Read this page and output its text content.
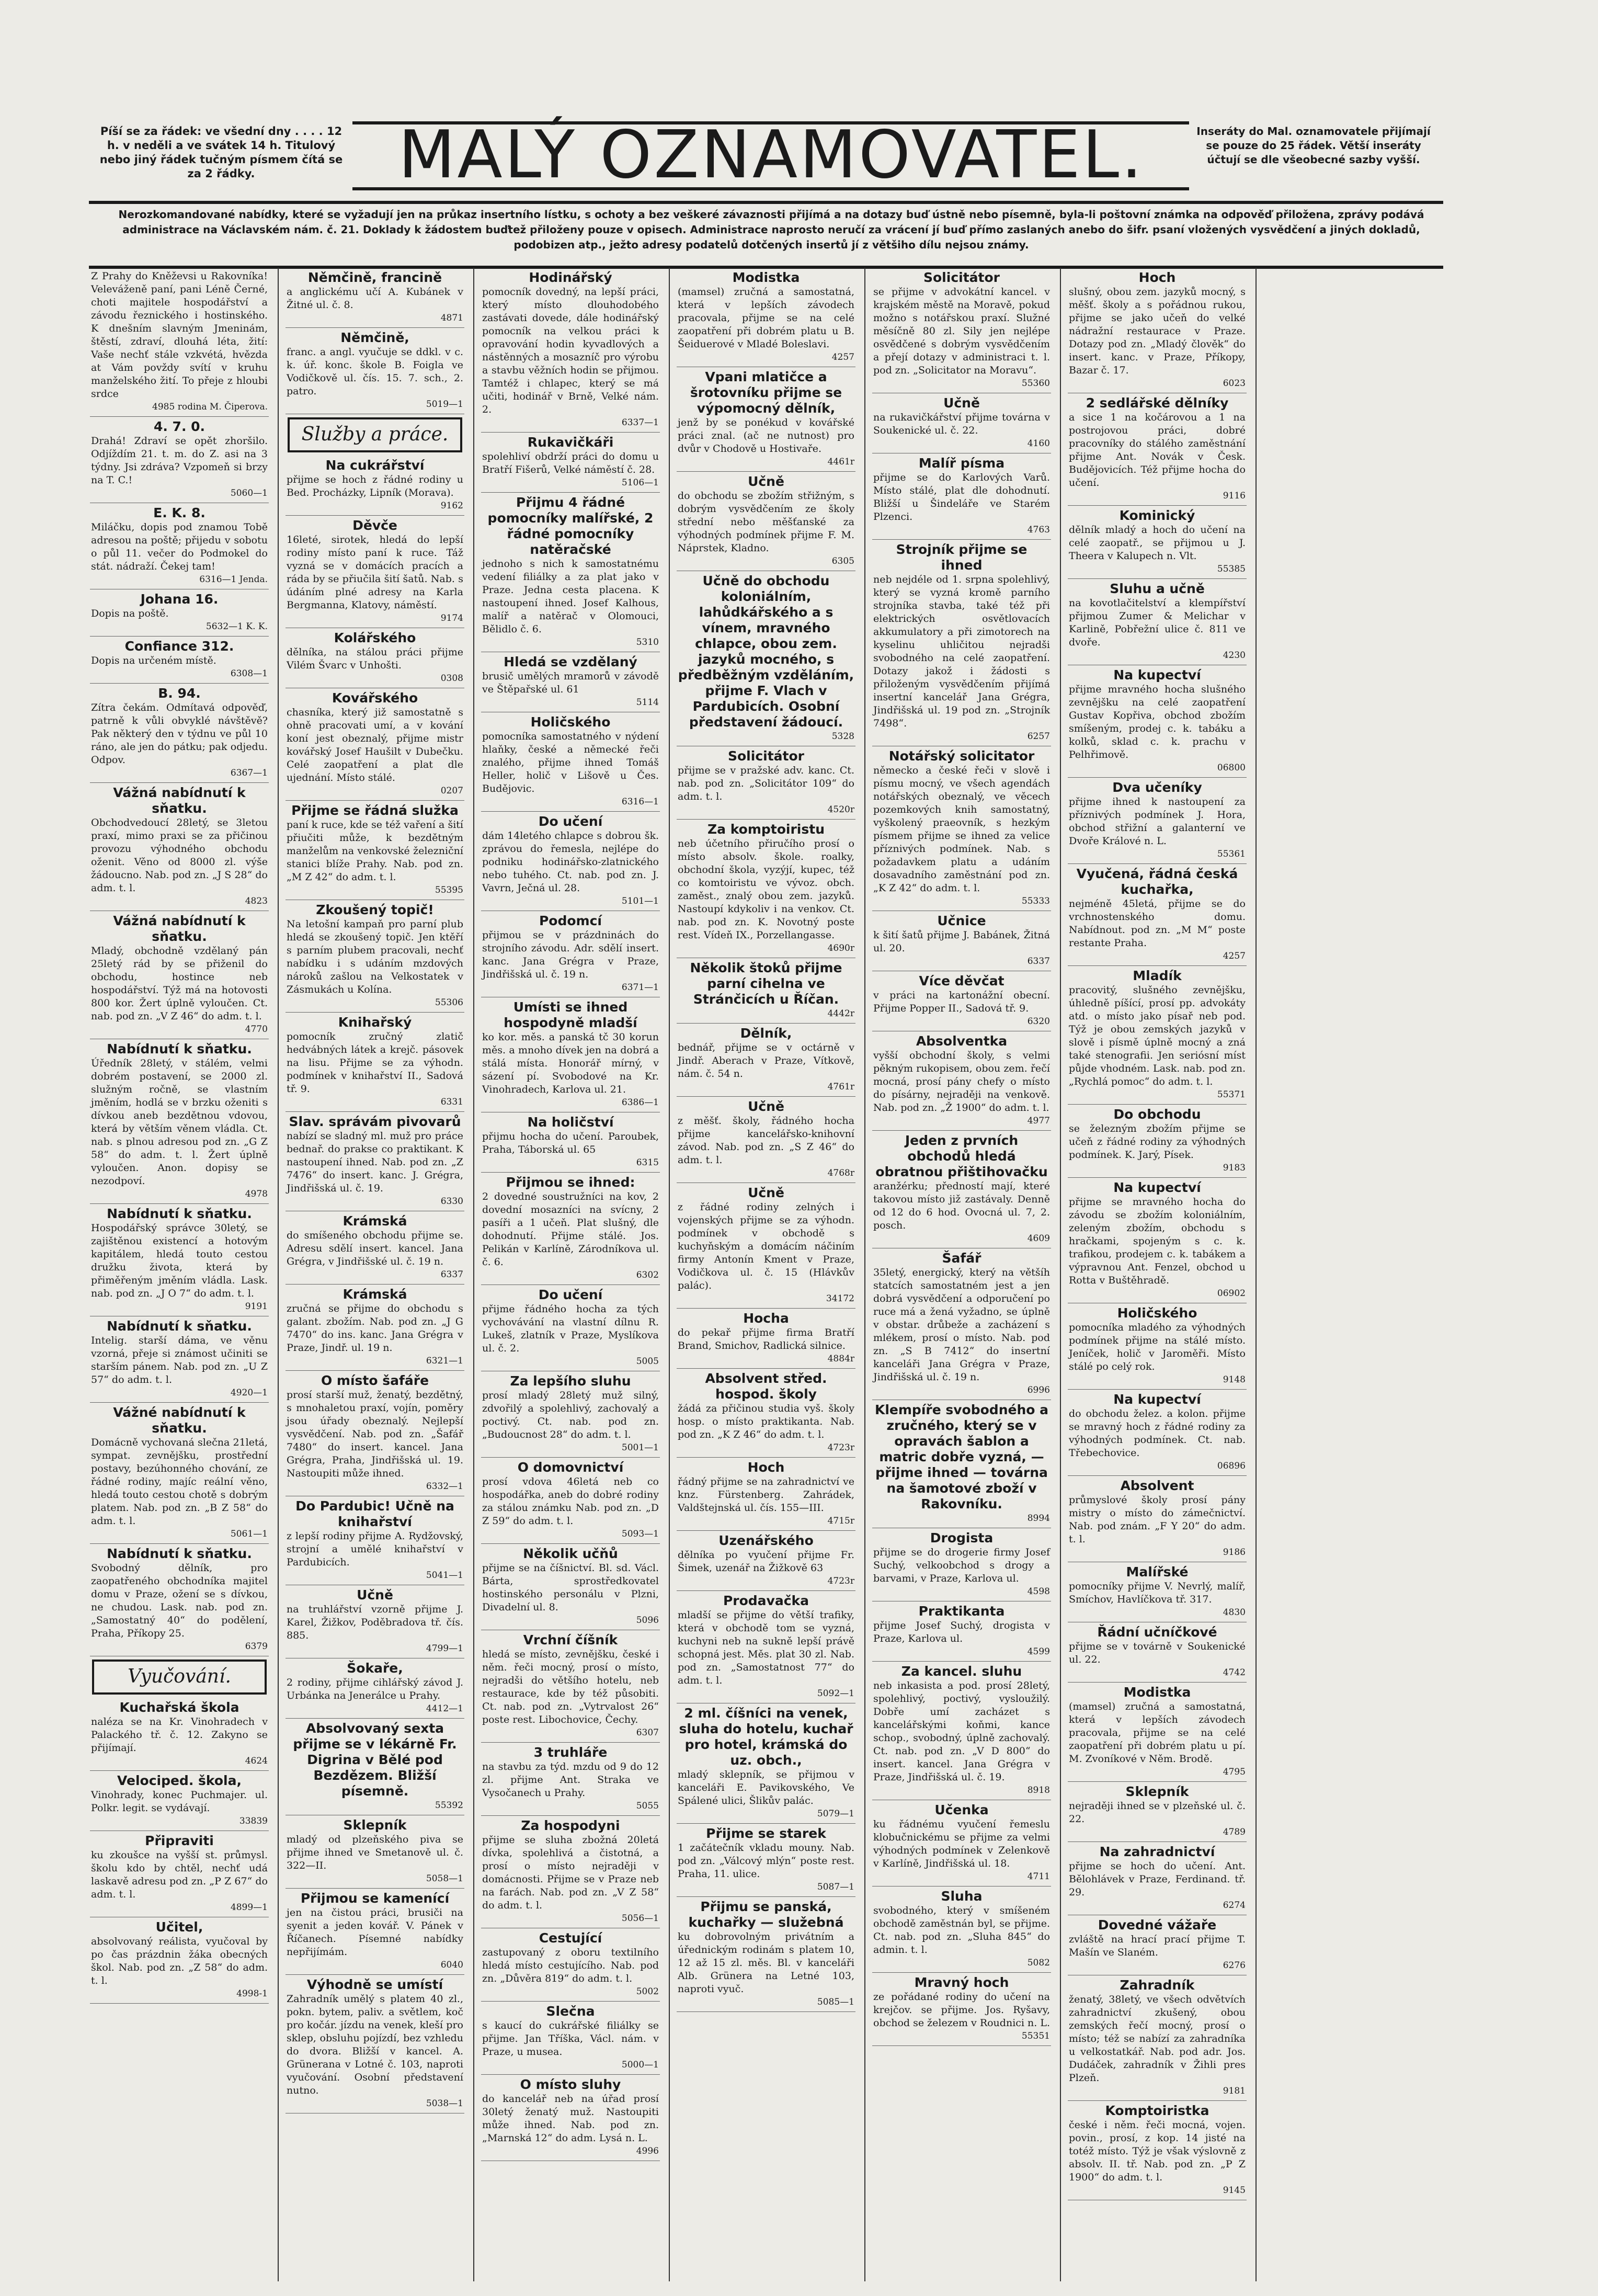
Píší se za řádek: ve všední dny . . . . 12 h. v neděli a ve svátek 14 h. Titulový nebo jiný řádek tučným písmem čítá se za 2 řádky.	MALÝ OZNAMOVATEL.	Inseráty do Mal. oznamovatele přijímají se pouze do 25 řádek. Větší inseráty účtují se dle všeobecné sazby vyšší.
Nerozkomandované nabídky, které se vyžadují jen na průkaz insertního lístku, s ochoty a bez veškeré závaznosti přijímá a na dotazy buď ústně nebo písemně, byla-li poštovní známka na odpověď přiložena, zprávy podává administrace na Václavském nám. č. 21. Doklady k žádostem buďtež přiloženy pouze v opisech. Administrace naprosto neručí za vrácení jí buď přímo zaslaných anebo do šifr. psaní vložených vysvědčení a jiných dokladů, podobizen atp., ježto adresy podatelů dotčených insertů jí z většiho dílu nejsou známy.
Z Prahy do Kněževsi u Rakovníka! Veleváženě paní, pani Léně Černé, choti majitele hospodářství a závodu řeznického i hostinského. K dnešním slavným Jmeninám, štěstí, zdraví, dlouhá léta, žití: Vaše nechť stále vzkvétá, hvězda at Vám povždy svítí v kruhu manželského žití. To přeje z hloubi srdce
4985 rodina M. Čiperova.
4. 7. 0.
Drahá! Zdraví se opět zhoršilo. Odjíždím 21. t. m. do Z. asi na 3 týdny. Jsi zdráva? Vzpomeň si brzy na T. C.!
5060—1
E. K. 8.
Miláčku, dopis pod znamou Tobě adresou na poště; přijedu v sobotu o půl 11. večer do Podmokel do stát. nádraží. Čekej tam!
6316—1 Jenda.
Johana 16.
Dopis na poště.
5632—1 K. K.
Confiance 312.
Dopis na určeném místě.
6308—1
B. 94.
Zítra čekám. Odmítavá odpověď, patrně k vůli obvyklé návštěvě? Pak některý den v týdnu ve půl 10 ráno, ale jen do pátku; pak odjedu. Odpov.
6367—1
Vážná nabídnutí k sňatku.
Obchodvedoucí 28letý, se 3letou praxí, mimo praxi se za přičinou provozu výhodného obchodu oženit. Věno od 8000 zl. výše žádoucno. Nab. pod zn. „J S 28“ do adm. t. l.
4823
Vážná nabídnutí k sňatku.
Mladý, obchodně vzdělaný pán 25letý rád by se přiženil do obchodu, hostince neb hospodářství. Týž má na hotovosti 800 kor. Žert úplně vyloučen. Ct. nab. pod zn. „V Z 46“ do adm. t. l.
4770
Nabídnutí k sňatku.
Úředník 28letý, v stálém, velmi dobrém postavení, se 2000 zl. služným ročně, se vlastním jměním, hodlá se v brzku oženiti s dívkou aneb bezdětnou vdovou, která by větším věnem vládla. Ct. nab. s plnou adresou pod zn. „G Z 58“ do adm. t. l. Žert úplně vyloučen. Anon. dopisy se nezodpoví.
4978
Nabídnutí k sňatku.
Hospodářský správce 30letý, se zajištěnou existencí a hotovým kapitálem, hledá touto cestou družku života, která by přiměřeným jměním vládla. Lask. nab. pod zn. „J O 7“ do adm. t. l.
9191
Nabídnutí k sňatku.
Intelig. starší dáma, ve věnu vzorná, přeje si známost učiniti se starším pánem. Nab. pod zn. „U Z 57“ do adm. t. l.
4920—1
Vážné nabídnutí k sňatku.
Domácně vychovaná slečna 21letá, sympat. zevnějšku, prostřední postavy, bezúhonného chování, ze řádné rodiny, majíc reální věno, hledá touto cestou chotě s dobrým platem. Nab. pod zn. „B Z 58“ do adm. t. l.
5061—1
Nabídnutí k sňatku.
Svobodný dělník, pro zaopatřeného obchodníka majitel domu v Praze, ožení se s dívkou, ne chudou. Lask. nab. pod zn. „Samostatný 40“ do podělení, Praha, Příkopy 25.
6379
Vyučování.
Kuchařská škola
naléza se na Kr. Vinohradech v Palackého tř. č. 12. Zakyno se přijímají.
4624
Velociped. škola,
Vinohrady, konec Puchmajer. ul. Polkr. legit. se vydávají.
33839
Připraviti
ku zkoušce na vyšší st. průmysl. školu kdo by chtěl, nechť udá laskavě adresu pod zn. „P Z 67“ do adm. t. l.
4899—1
Učitel,
absolvovaný reálista, vyučoval by po čas prázdnin žáka obecných škol. Nab. pod zn. „Z 58“ do adm. t. l.
4998-1
Němčině, francině
a anglickému učí A. Kubánek v Žitné ul. č. 8.
4871
Němčině,
franc. a angl. vyučuje se ddkl. v c. k. úř. konc. škole B. Foigla ve Vodičkově ul. čís. 15. 7. sch., 2. patro.
5019—1
Služby a práce.
Na cukrářství
přijme se hoch z řádné rodiny u Bed. Procházky, Lipník (Morava).
9162
Děvče
16leté, sirotek, hledá do lepší rodiny místo paní k ruce. Táž vyzná se v domácích pracích a ráda by se přiučila šití šatů. Nab. s údáním plné adresy na Karla Bergmanna, Klatovy, náměstí.
9174
Kolářského
dělníka, na stálou práci přijme Vilém Švarc v Unhošti.
0308
Kovářského
chasníka, který již samostatně s ohně pracovati umí, a v kování koní jest obeznalý, přijme mistr kovářský Josef Haušilt v Dubečku. Celé zaopatření a plat dle ujednání. Místo stálé.
0207
Přijme se řádná služka
paní k ruce, kde se též vaření a šití přiučiti může, k bezdětným manželům na venkovské železniční stanici blíže Prahy. Nab. pod zn. „M Z 42“ do adm. t. l.
55395
Zkoušený topič!
Na letošní kampaň pro parní plub hledá se zkoušený topič. Jen ktěří s parním plubem pracovali, nechť nabídku i s udáním mzdových nároků zašlou na Velkostatek v Zásmukách u Kolína.
55306
Knihařský
pomocník zručný zlatič hedvábných látek a krejč. pásovek na lisu. Přijme se za výhodn. podmínek v knihařství II., Sadová tř. 9.
6331
Slav. správám pivovarů
nabízí se sladný ml. muž pro práce bednař. do prakse co praktikant. K nastoupení ihned. Nab. pod zn. „Z 7476“ do insert. kanc. J. Grégra, Jindřišská ul. č. 19.
6330
Krámská
do smíšeného obchodu přijme se. Adresu sdělí insert. kancel. Jana Grégra, v Jindřišské ul. č. 19 n.
6337
Krámská
zručná se přijme do obchodu s galant. zbožím. Nab. pod zn. „J G 7470“ do ins. kanc. Jana Grégra v Praze, Jindř. ul. 19 n.
6321—1
O místo šafáře
prosí starší muž, ženatý, bezdětný, s mnohaletou praxí, vojín, poměry jsou úřady obeznalý. Nejlepší vysvědčení. Nab. pod zn. „Šafář 7480“ do insert. kancel. Jana Grégra, Praha, Jindřišská ul. 19. Nastoupiti může ihned.
6332—1
Do Pardubic! Učně na knihařství
z lepší rodiny přijme A. Rydžovský, strojní a umělé knihařství v Pardubicích.
5041—1
Učně
na truhlářství vzorně přijme J. Karel, Žižkov, Poděbradova tř. čís. 885.
4799—1
Šokaře,
2 rodiny, přijme cihlářský závod J. Urbánka na Jenerálce u Prahy.
4412—1
Absolvovaný sexta přijme se v lékárně Fr. Digrina v Bělé pod Bezdězem. Bližší písemně.
55392
Sklepník
mladý od plzeňského piva se přijme ihned ve Smetanově ul. č. 322—II.
5058—1
Přijmou se kamenící
jen na čistou práci, brusiči na syenit a jeden kovář. V. Pánek v Říčanech. Písemné nabídky nepřijímám.
6040
Výhodně se umístí
Zahradník umělý s platem 40 zl., pokn. bytem, paliv. a světlem, koč pro kočár. jízdu na venek, kleší pro sklep, obsluhu pojízdí, bez vzhledu do dvora. Bližší v kancel. A. Grünerana v Lotné č. 103, naproti vyučování. Osobní představení nutno.
5038—1
Hodinářský
pomocník dovedný, na lepší práci, který místo dlouhodobého zastávati dovede, dále hodinářský pomocník na velkou práci k opravování hodin kyvadlových a nástěnných a mosazníč pro výrobu a stavbu věžních hodin se přijmou. Tamtéž i chlapec, který se má učiti, hodinář v Brně, Velké nám. 2.
6337—1
Rukavičkáři
spolehliví obdrží práci do domu u Bratří Fišerů, Velké náměstí č. 28.
5106—1
Přijmu 4 řádné pomocníky malířské, 2 řádné pomocníky natěračské
jednoho s nich k samostatnému vedení filiálky a za plat jako v Praze. Jedna cesta placena. K nastoupení ihned. Josef Kalhous, malíř a natěrač v Olomouci, Bělidlo č. 6.
5310
Hledá se vzdělaný
brusič umělých mramorů v závodě ve Štěpařské ul. 61
5114
Holičského
pomocníka samostatného v nýdení hlaňky, české a německé řeči znalého, přijme ihned Tomáš Heller, holič v Lišově u Čes. Budějovic.
6316—1
Do učení
dám 14letého chlapce s dobrou šk. zprávou do řemesla, nejlépe do podniku hodinářsko-zlatnického nebo tuhého. Ct. nab. pod zn. J. Vavrn, Ječná ul. 28.
5101—1
Podomcí
přijmou se v prázdninách do strojního závodu. Adr. sdělí insert. kanc. Jana Grégra v Praze, Jindřišská ul. č. 19 n.
6371—1
Umísti se ihned hospodyně mladší
ko kor. měs. a panská tč 30 korun měs. a mnoho dívek jen na dobrá a stálá místa. Honorář mírný, v sázení pí. Svobodové na Kr. Vinohradech, Karlova ul. 21.
6386—1
Na holičství
přijmu hocha do učení. Paroubek, Praha, Táborská ul. 65
6315
Přijmou se ihned:
2 dovedné soustružníci na kov, 2 dovední mosazníci na svícny, 2 pasíři a 1 učeň. Plat slušný, dle dohodnutí. Přijme stálé. Jos. Pelikán v Karlíně, Zárodníkova ul. č. 6.
6302
Do učení
přijme řádného hocha za tých vychovávání na vlastní dílnu R. Lukeš, zlatník v Praze, Myslíkova ul. č. 2.
5005
Za lepšího sluhu
prosí mladý 28letý muž silný, zdvořilý a spolehlivý, zachovalý a poctivý. Ct. nab. pod zn. „Budoucnost 28“ do adm. t. l.
5001—1
O domovnictví
prosí vdova 46letá neb co hospodářka, aneb do dobré rodiny za stálou známku Nab. pod zn. „D Z 59“ do adm. t. l.
5093—1
Několik učňů
přijme se na číšnictví. Bl. sd. Václ. Bárta, sprostředkovatel hostinského personálu v Plzni, Divadelní ul. 8.
5096
Vrchní číšník
hledá se místo, zevnějšku, české i něm. řeči mocný, prosí o místo, nejradši do většího hotelu, neb restaurace, kde by též působiti. Ct. nab. pod zn. „Vytrvalost 26“ poste rest. Libochovice, Čechy.
6307
3 truhláře
na stavbu za týd. mzdu od 9 do 12 zl. přijme Ant. Straka ve Vysočanech u Prahy.
5055
Za hospodyni
přijme se sluha zbožná 20letá dívka, spolehlivá a čistotná, a prosí o místo nejraději v domácnosti. Přijme se v Praze neb na farách. Nab. pod zn. „V Z 58“ do adm. t. l.
5056—1
Cestující
zastupovaný z oboru textilního hledá místo cestujícího. Nab. pod zn. „Důvěra 819“ do adm. t. l.
5002
Slečna
s kaucí do cukrářské filiálky se přijme. Jan Tříška, Václ. nám. v Praze, u musea.
5000—1
O místo sluhy
do kancelář neb na úřad prosí 30letý ženatý muž. Nastoupiti může ihned. Nab. pod zn. „Marnská 12“ do adm. Lysá n. L.
4996
Modistka
(mamsel) zručná a samostatná, která v lepších závodech pracovala, přijme se na celé zaopatření při dobrém platu u B. Šeiduerové v Mladé Boleslavi.
4257
Vpani mlatičce a šrotovníku přijme se výpomocný dělník,
jenž by se ponékud v kovářské práci znal. (ač ne nutnost) pro dvůr v Chodově u Hostivaře.
4461r
Učně
do obchodu se zbožím střižným, s dobrým vysvědčením ze školy střední nebo měšťanské za výhodných podmínek přijme F. M. Náprstek, Kladno.
6305
Učně do obchodu koloniálním, lahůdkářského a s vínem, mravného chlapce, obou zem. jazyků mocného, s předběžným vzděláním, přijme F. Vlach v Pardubicích. Osobní představení žádoucí.
5328
Solicitátor
přijme se v pražské adv. kanc. Ct. nab. pod zn. „Solicitátor 109“ do adm. t. l.
4520r
Za komptoiristu
neb účetního přiručího prosí o místo absolv. škole. roalky, obchodní škola, vyzýjí, kupec, též co komtoiristu ve vývoz. obch. zaměst., znalý obou zem. jazyků. Nastoupí kdykoliv i na venkov. Ct. nab. pod zn. K. Novotný poste rest. Vídeň IX., Porzellangasse.
4690r
Několik štoků přijme parní cihelna ve Stránčicích u Říčan.
4442r
Dělník,
bednář, přijme se v octárně v Jindř. Aberach v Praze, Vítkově, nám. č. 54 n.
4761r
Učně
z měšť. školy, řádného hocha přijme kancelářsko-knihovní závod. Nab. pod zn. „S Z 46“ do adm. t. l.
4768r
Učně
z řádné rodiny zelných i vojenských přijme se za výhodn. podmínek v obchodě s kuchyňským a domácím náčiním firmy Antonín Kment v Praze, Vodičkova ul. č. 15 (Hlávkův palác).
34172
Hocha
do pekař přijme firma Bratří Brand, Smichov, Radlická silnice.
4884r
Absolvent střed. hospod. školy
žádá za přičinou studia vyš. školy hosp. o místo praktikanta. Nab. pod zn. „K Z 46“ do adm. t. l.
4723r
Hoch
řádný přijme se na zahradnictví ve knz. Fürstenberg. Zahrádek, Valdštejnská ul. čís. 155—III.
4715r
Uzenářského
dělníka po vyučení přijme Fr. Šimek, uzenář na Žižkově 63
4723r
Prodavačka
mladší se přijme do větší trafiky, která v obchodě tom se vyzná, kuchyni neb na sukně lepší právě schopná jest. Měs. plat 30 zl. Nab. pod zn. „Samostatnost 77“ do adm. t. l.
5092—1
2 ml. číšníci na venek, sluha do hotelu, kuchař pro hotel, krámská do uz. obch.,
mladý sklepník, se přijmou v kanceláři E. Pavikovského, Ve Spálené ulici, Šlikův palác.
5079—1
Přijme se starek
1 začátečník vkladu mouny. Nab. pod zn. „Válcový mlýn“ poste rest. Praha, 11. ulice.
5087—1
Přijmu se panská, kuchařky — služebná
ku dobrovolným privátním a úřednickým rodinám s platem 10, 12 až 15 zl. měs. Bl. v kanceláři Alb. Grünera na Letné 103, naproti vyuč.
5085—1
Solicitátor
se přijme v advokátní kancel. v krajském městě na Moravě, pokud možno s notářskou praxí. Služné měsíčně 80 zl. Sily jen nejlépe osvědčené s dobrým vysvědčením a přejí dotazy v administraci t. l. pod zn. „Solicitator na Moravu“.
55360
Učně
na rukavičkářství přijme továrna v Soukenické ul. č. 22.
4160
Malíř písma
přijme se do Karlových Varů. Místo stálé, plat dle dohodnutí. Bližší u Šindeláře ve Starém Plzenci.
4763
Strojník přijme se ihned
neb nejdéle od 1. srpna spolehlivý, který se vyzná kromě parního strojníka stavba, také též při elektrických osvětlovacích akkumulatory a při zimotorech na kyselinu uhličitou nejradši svobodného na celé zaopatření. Dotazy jakož i žádosti s přiloženým vysvědčením přijímá insertní kancelář Jana Grégra, Jindřišská ul. 19 pod zn. „Strojník 7498“.
6257
Notářský solicitator
německo a české řeči v slově i písmu mocný, ve všech agendách notářských obeznalý, ve věcech pozemkových knih samostatný, vyškolený praeovník, s hezkým písmem přijme se ihned za velice příznivých podmínek. Nab. s požadavkem platu a udáním dosavadního zaměstnání pod zn. „K Z 42“ do adm. t. l.
55333
Učnice
k šití šatů přijme J. Babánek, Žitná ul. 20.
6337
Více děvčat
v práci na kartonážní obecní. Přijme Popper II., Sadová tř. 9.
6320
Absolventka
vyšší obchodní školy, s velmi pěkným rukopisem, obou zem. řečí mocná, prosí pány chefy o místo do písárny, nejraději na venkově. Nab. pod zn. „Ž 1900“ do adm. t. l.
4977
Jeden z prvních obchodů hledá obratnou přištihovačku
aranžérku; předností mají, které takovou místo již zastávaly. Denně od 12 do 6 hod. Ovocná ul. 7, 2. posch.
4609
Šafář
35letý, energický, který na většíh statcích samostatném jest a jen dobrá vysvědčení a odporučení po ruce má a žená vyžadno, se úplně v obstar. drůbeže a zacházení s mlékem, prosí o místo. Nab. pod zn. „S B 7412“ do insertní kanceláři Jana Grégra v Praze, Jindřišská ul. č. 19 n.
6996
Klempíře svobodného a zručného, který se v opravách šablon a matric dobře vyzná, — přijme ihned — továrna na šamotové zboží v Rakovníku.
8994
Drogista
přijme se do drogerie firmy Josef Suchý, velkoobchod s drogy a barvami, v Praze, Karlova ul.
4598
Praktikanta
přijme Josef Suchý, drogista v Praze, Karlova ul.
4599
Za kancel. sluhu
neb inkasista a pod. prosí 28letý, spolehlivý, poctivý, vysloužilý. Dobře umí zacházet s kancelářskými koňmi, kance schop., svobodný, úplně zachovalý. Ct. nab. pod zn. „V D 800“ do insert. kancel. Jana Grégra v Praze, Jindřišská ul. č. 19.
8918
Učenka
ku řádnému vyučení řemeslu klobučnickému se přijme za velmi výhodných podmínek v Zelenkově v Karlíně, Jindřišská ul. 18.
4711
Sluha
svobodného, který v smíšeném obchodě zaměstnán byl, se přijme. Ct. nab. pod zn. „Sluha 845“ do admin. t. l.
5082
Mravný hoch
ze pořádané rodiny do učení na krejčov. se přijme. Jos. Ryšavy, obchod se železem v Roudnici n. L.
55351
Hoch
slušný, obou zem. jazyků mocný, s měšť. školy a s pořádnou rukou, přijme se jako učeň do velké nádražní restaurace v Praze. Dotazy pod zn. „Mladý člověk“ do insert. kanc. v Praze, Příkopy, Bazar č. 17.
6023
2 sedlářské dělníky
a sice 1 na kočárovou a 1 na postrojovou práci, dobré pracovníky do stálého zaměstnání přijme Ant. Novák v Česk. Budějovicích. Též přijme hocha do učení.
9116
Kominický
dělník mladý a hoch do učení na celé zaopatř., se přijmou u J. Theera v Kalupech n. Vlt.
55385
Sluhu a učně
na kovotlačitelství a klempířství přijmou Zumer & Melichar v Karlině, Pobřežní ulice č. 811 ve dvoře.
4230
Na kupectví
přijme mravného hocha slušného zevnějšku na celé zaopatření Gustav Kopřiva, obchod zbožím smíšeným, prodej c. k. tabáku a kolků, sklad c. k. prachu v Pelhřimově.
06800
Dva učeníky
přijme ihned k nastoupení za příznivých podmínek J. Hora, obchod střižní a galanterní ve Dvoře Králové n. L.
55361
Vyučená, řádná česká kuchařka,
nejméně 45letá, přijme se do vrchnostenského domu. Nabídnout. pod zn. „M M“ poste restante Praha.
4257
Mladík
pracovitý, slušného zevnějšku, úhledně píšící, prosí pp. advokáty atd. o místo jako písař neb pod. Týž je obou zemských jazyků v slově i písmě úplně mocný a zná také stenografii. Jen seriósní míst půjde vhodném. Lask. nab. pod zn. „Rychlá pomoc“ do adm. t. l.
55371
Do obchodu
se železným zbožím přijme se učeň z řádné rodiny za výhodných podmínek. K. Jarý, Písek.
9183
Na kupectví
přijme se mravného hocha do závodu se zbožím koloniálním, zeleným zbožím, obchodu s hračkami, spojeným s c. k. trafikou, prodejem c. k. tabákem a výpravnou Ant. Fenzel, obchod u Rotta v Buštěhradě.
06902
Holičského
pomocníka mladého za výhodných podmínek přijme na stálé místo. Jeníček, holič v Jaroměři. Místo stálé po celý rok.
9148
Na kupectví
do obchodu želez. a kolon. přijme se mravný hoch z řádné rodiny za výhodných podmínek. Ct. nab. Třebechovice.
06896
Absolvent
průmyslové školy prosí pány mistry o místo do zámečnictví. Nab. pod znám. „F Y 20“ do adm. t. l.
9186
Malířské
pomocníky přijme V. Nevrlý, malíř, Smíchov, Havlíčkova tř. 317.
4830
Řádní učníčkové
přijme se v továrně v Soukenické ul. 22.
4742
Modistka
(mamsel) zručná a samostatná, která v lepších závodech pracovala, přijme se na celé zaopatření při dobrém platu u pí. M. Zvoníkové v Něm. Brodě.
4795
Sklepník
nejraději ihned se v plzeňské ul. č. 22.
4789
Na zahradnictví
přijme se hoch do učení. Ant. Bělohlávek v Praze, Ferdinand. tř. 29.
6274
Dovedné vážaře
zvláště na hrací prací přijme T. Mašín ve Slaném.
6276
Zahradník
ženatý, 38letý, ve všech odvětvích zahradnictví zkušený, obou zemských řečí mocný, prosí o místo; též se nabízí za zahradníka u velkostatkář. Nab. pod adr. Jos. Dudáček, zahradník v Žihli pres Plzeň.
9181
Komptoiristka
české i něm. řeči mocná, vojen. povin., prosí, z kop. 14 jisté na totéž místo. Týž je však výslovně z absolv. II. tř. Nab. pod zn. „P Z 1900“ do adm. t. l.
9145
